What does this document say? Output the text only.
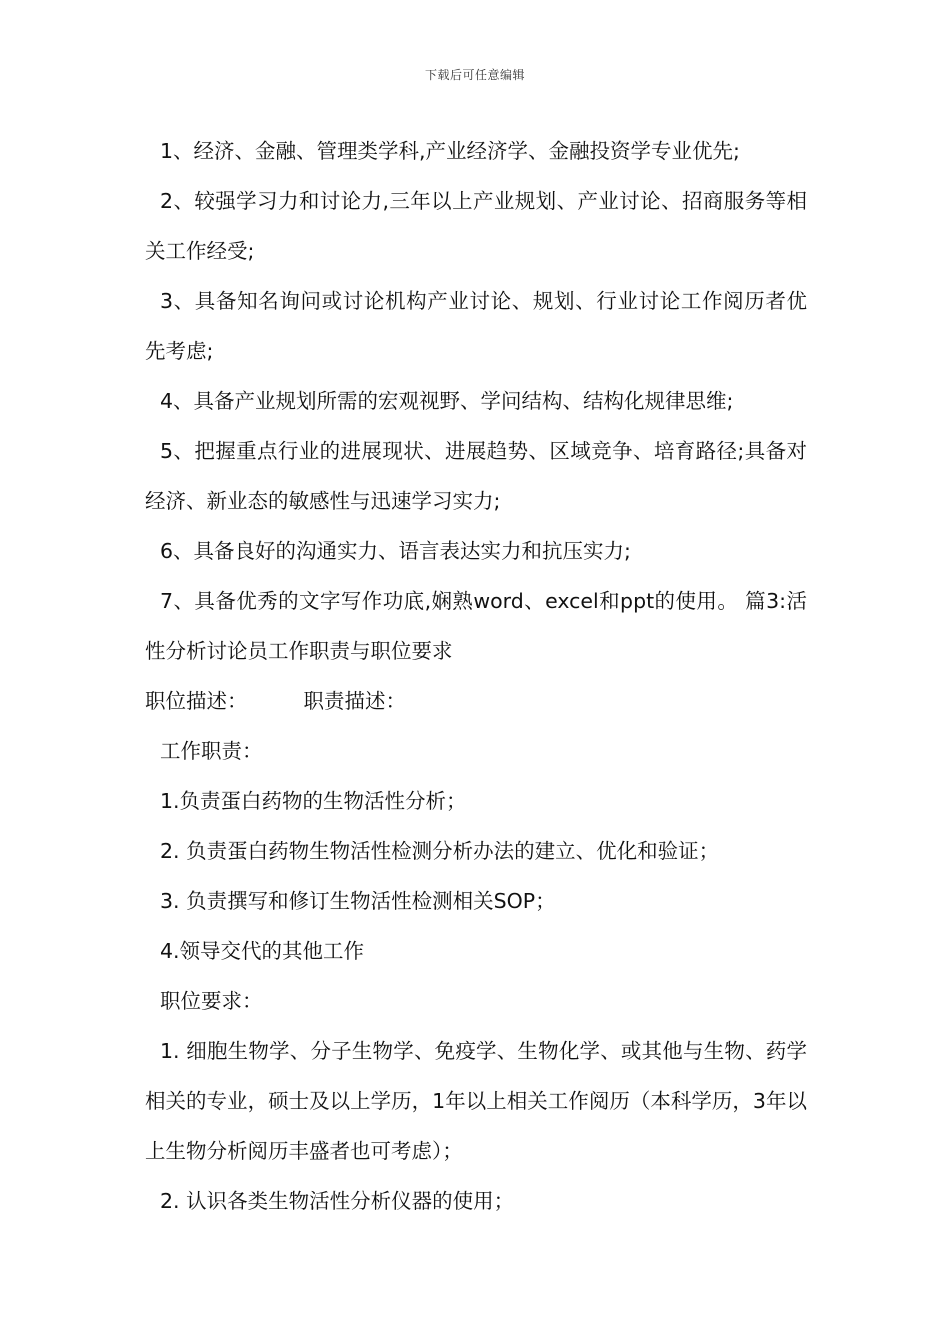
下载后可任意编辑

1、经济、金融、管理类学科,产业经济学、金融投资学专业优先;

2、较强学习力和讨论力,三年以上产业规划、产业讨论、招商服务等相关工作经受;

3、具备知名询问或讨论机构产业讨论、规划、行业讨论工作阅历者优先考虑;

4、具备产业规划所需的宏观视野、学问结构、结构化规律思维;

5、把握重点行业的进展现状、进展趋势、区域竞争、培育路径;具备对经济、新业态的敏感性与迅速学习实力;

6、具备良好的沟通实力、语言表达实力和抗压实力;

7、具备优秀的文字写作功底,娴熟word、excel和ppt的使用。 篇3:活性分析讨论员工作职责与职位要求

职位描述：	职责描述：

工作职责：

1.负责蛋白药物的生物活性分析；

2. 负责蛋白药物生物活性检测分析办法的建立、优化和验证；

3. 负责撰写和修订生物活性检测相关SOP；

4.领导交代的其他工作

职位要求：

1. 细胞生物学、分子生物学、免疫学、生物化学、或其他与生物、药学相关的专业，硕士及以上学历，1年以上相关工作阅历（本科学历，3年以上生物分析阅历丰盛者也可考虑）；

2. 认识各类生物活性分析仪器的使用；
